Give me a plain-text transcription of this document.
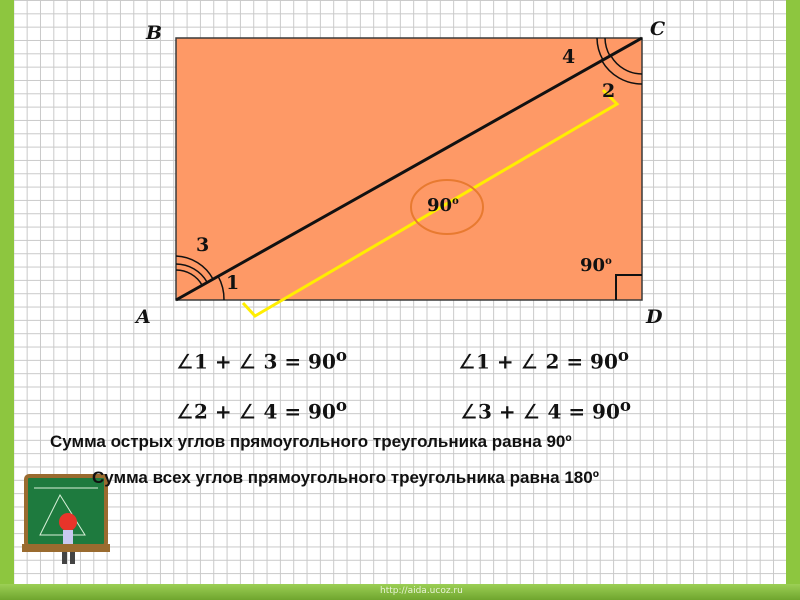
B	C
A	D
1
3
4
2
90$^o$
90$^o$
∠1 + ∠ $3 = 90^o$	∠1 + ∠ $2 = 90^o$
∠2 + ∠ $4 = 90^o$	∠3 + ∠ $4 = 90^o$
Сумма острых углов прямоугольного треугольника равна 90º
Сумма всех углов прямоугольного треугольника равна 180º
http://aida.ucoz.ru
